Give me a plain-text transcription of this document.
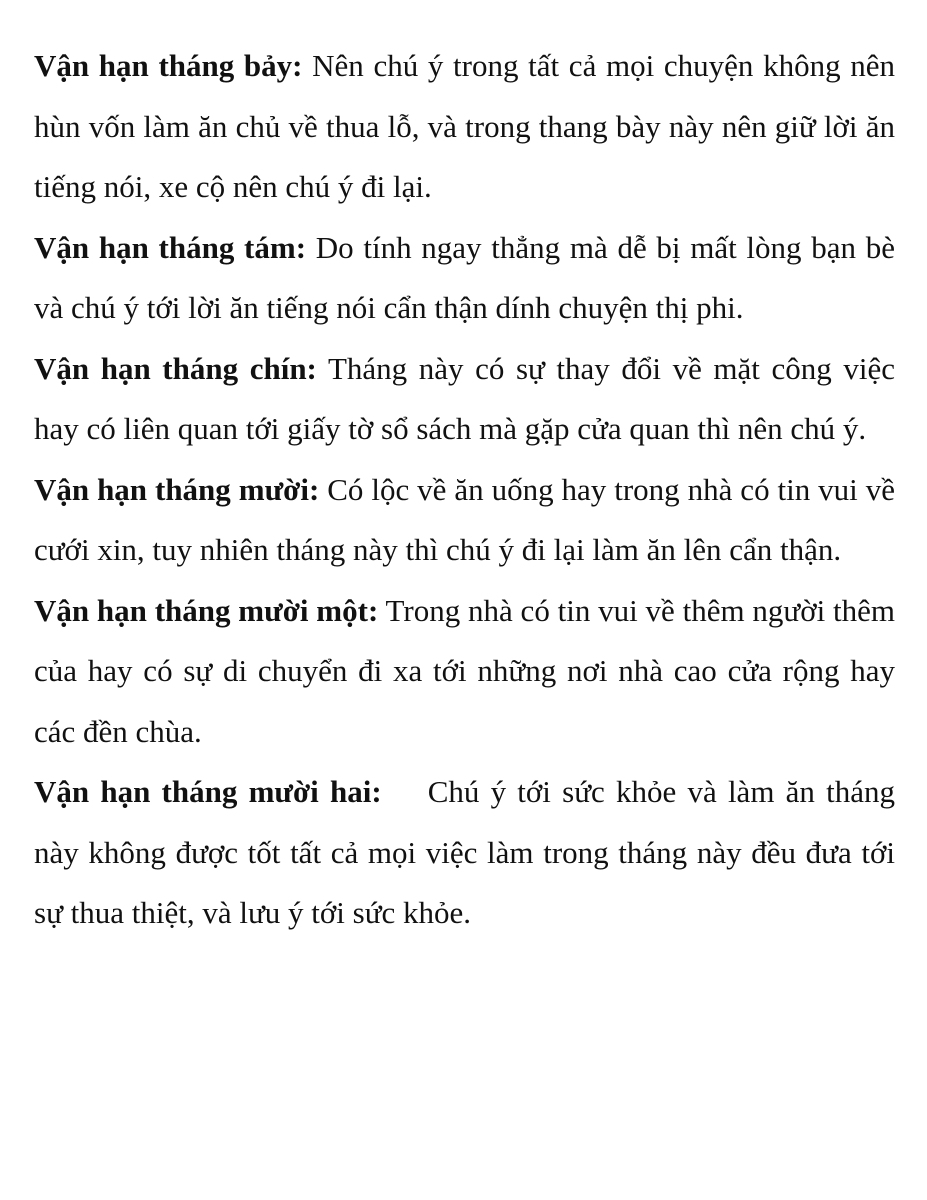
Vận hạn tháng bảy: Nên chú ý trong tất cả mọi chuyện không nên hùn vốn làm ăn chủ về thua lỗ, và trong thang bày này nên giữ lời ăn tiếng nói, xe cộ nên chú ý đi lại.

Vận hạn tháng tám: Do tính ngay thẳng mà dễ bị mất lòng bạn bè và chú ý tới lời ăn tiếng nói cẩn thận dính chuyện thị phi.

Vận hạn tháng chín: Tháng này có sự thay đổi về mặt công việc hay có liên quan tới giấy tờ sổ sách mà gặp cửa quan thì nên chú ý.

Vận hạn tháng mười: Có lộc về ăn uống hay trong nhà có tin vui về cưới xin, tuy nhiên tháng này thì chú ý đi lại làm ăn lên cẩn thận.

Vận hạn tháng mười một: Trong nhà có tin vui về thêm người thêm của hay có sự di chuyển đi xa tới những nơi nhà cao cửa rộng hay các đền chùa.

Vận hạn tháng mười hai: Chú ý tới sức khỏe và làm ăn tháng này không được tốt tất cả mọi việc làm trong tháng này đều đưa tới sự thua thiệt, và lưu ý tới sức khỏe.
